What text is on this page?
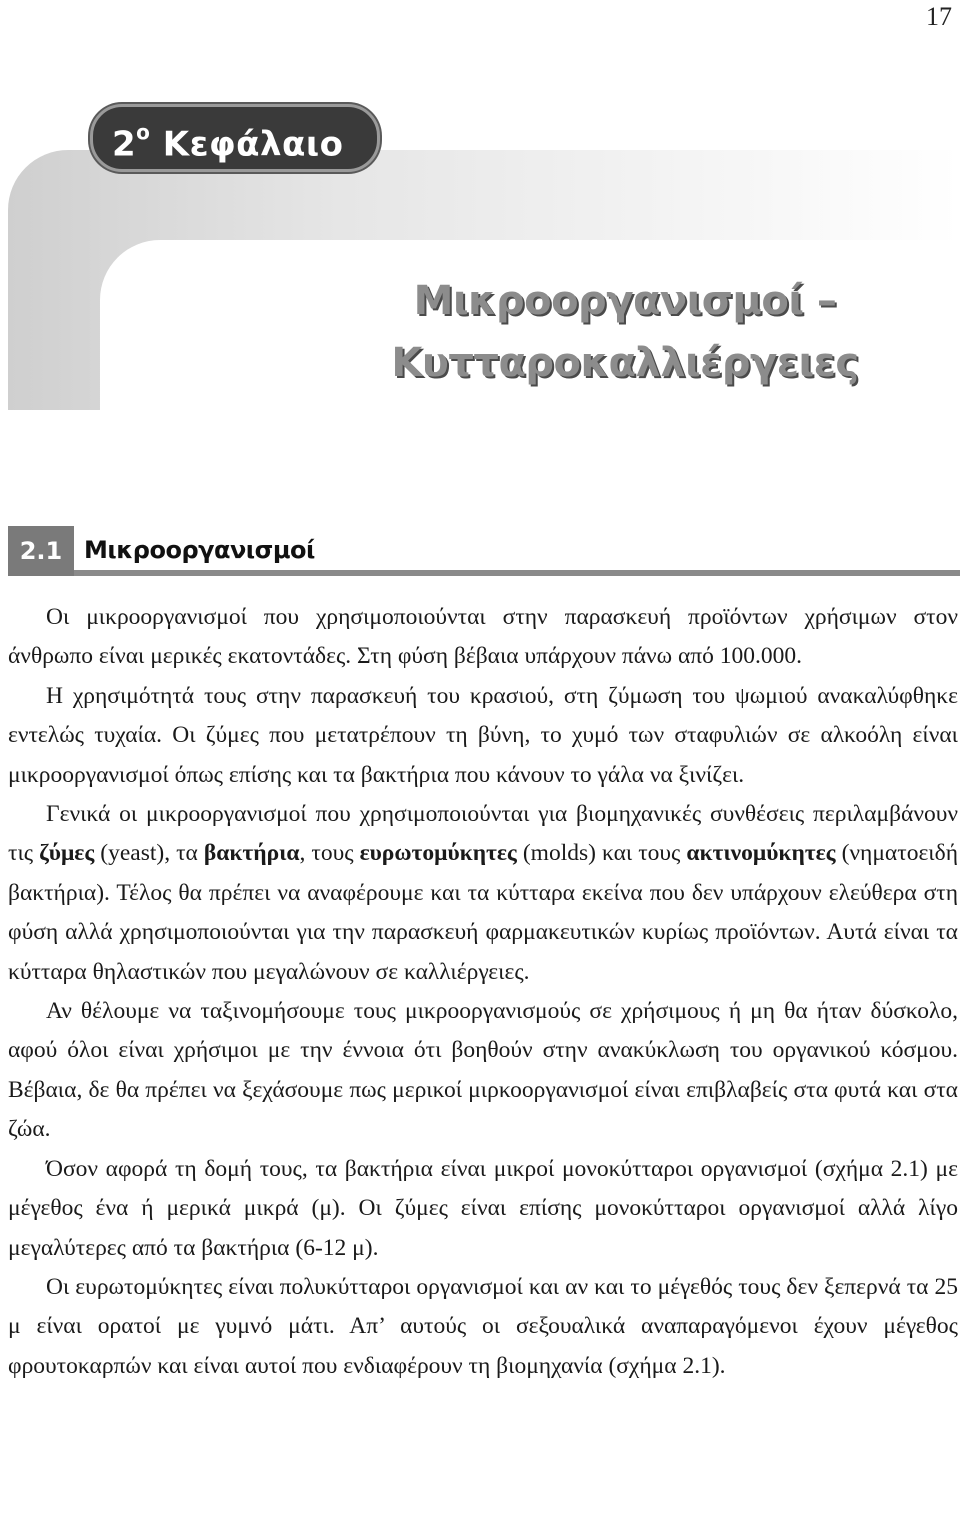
17
$2^o$ Κεφάλαιο
Μικροοργανισμοί –
Κυτταροκαλλιέργειες
2.1 Μικροοργανισμοί

Οι μικροοργανισμοί που χρησιμοποιούνται στην παρασκευή προϊόντων χρήσιμων στον άνθρωπο είναι μερικές εκατοντάδες. Στη φύση βέβαια υπάρχουν πάνω από 100.000.

Η χρησιμότητά τους στην παρασκευή του κρασιού, στη ζύμωση του ψωμιού ανακαλύφθηκε εντελώς τυχαία. Οι ζύμες που μετατρέπουν τη βύνη, το χυμό των σταφυλιών σε αλκοόλη είναι μικροοργανισμοί όπως επίσης και τα βακτήρια που κάνουν το γάλα να ξινίζει.

Γενικά οι μικροοργανισμοί που χρησιμοποιούνται για βιομηχανικές συνθέσεις περιλαμβάνουν τις ζύμες (yeast), τα βακτήρια, τους ευρωτομύκητες (molds) και τους ακτινομύκητες (νηματοειδή βακτήρια). Τέλος θα πρέπει να αναφέρουμε και τα κύτταρα εκείνα που δεν υπάρχουν ελεύθερα στη φύση αλλά χρησιμοποιούνται για την παρασκευή φαρμακευτικών κυρίως προϊόντων. Αυτά είναι τα κύτταρα θηλαστικών που μεγαλώνουν σε καλλιέργειες.

Αν θέλουμε να ταξινομήσουμε τους μικροοργανισμούς σε χρήσιμους ή μη θα ήταν δύσκολο, αφού όλοι είναι χρήσιμοι με την έννοια ότι βοηθούν στην ανακύκλωση του οργανικού κόσμου. Βέβαια, δε θα πρέπει να ξεχάσουμε πως μερικοί μιρκοοργανισμοί είναι επιβλαβείς στα φυτά και στα ζώα.

Όσον αφορά τη δομή τους, τα βακτήρια είναι μικροί μονοκύτταροι οργανισμοί (σχήμα 2.1) με μέγεθος ένα ή μερικά μικρά (μ). Οι ζύμες είναι επίσης μονοκύτταροι οργανισμοί αλλά λίγο μεγαλύτερες από τα βακτήρια (6-12 μ).

Οι ευρωτομύκητες είναι πολυκύτταροι οργανισμοί και αν και το μέγεθός τους δεν ξεπερνά τα 25 μ είναι ορατοί με γυμνό μάτι. Απ’ αυτούς οι σεξουαλικά αναπαραγόμενοι έχουν μέγεθος φρουτοκαρπών και είναι αυτοί που ενδιαφέρουν τη βιομηχανία (σχήμα 2.1).
